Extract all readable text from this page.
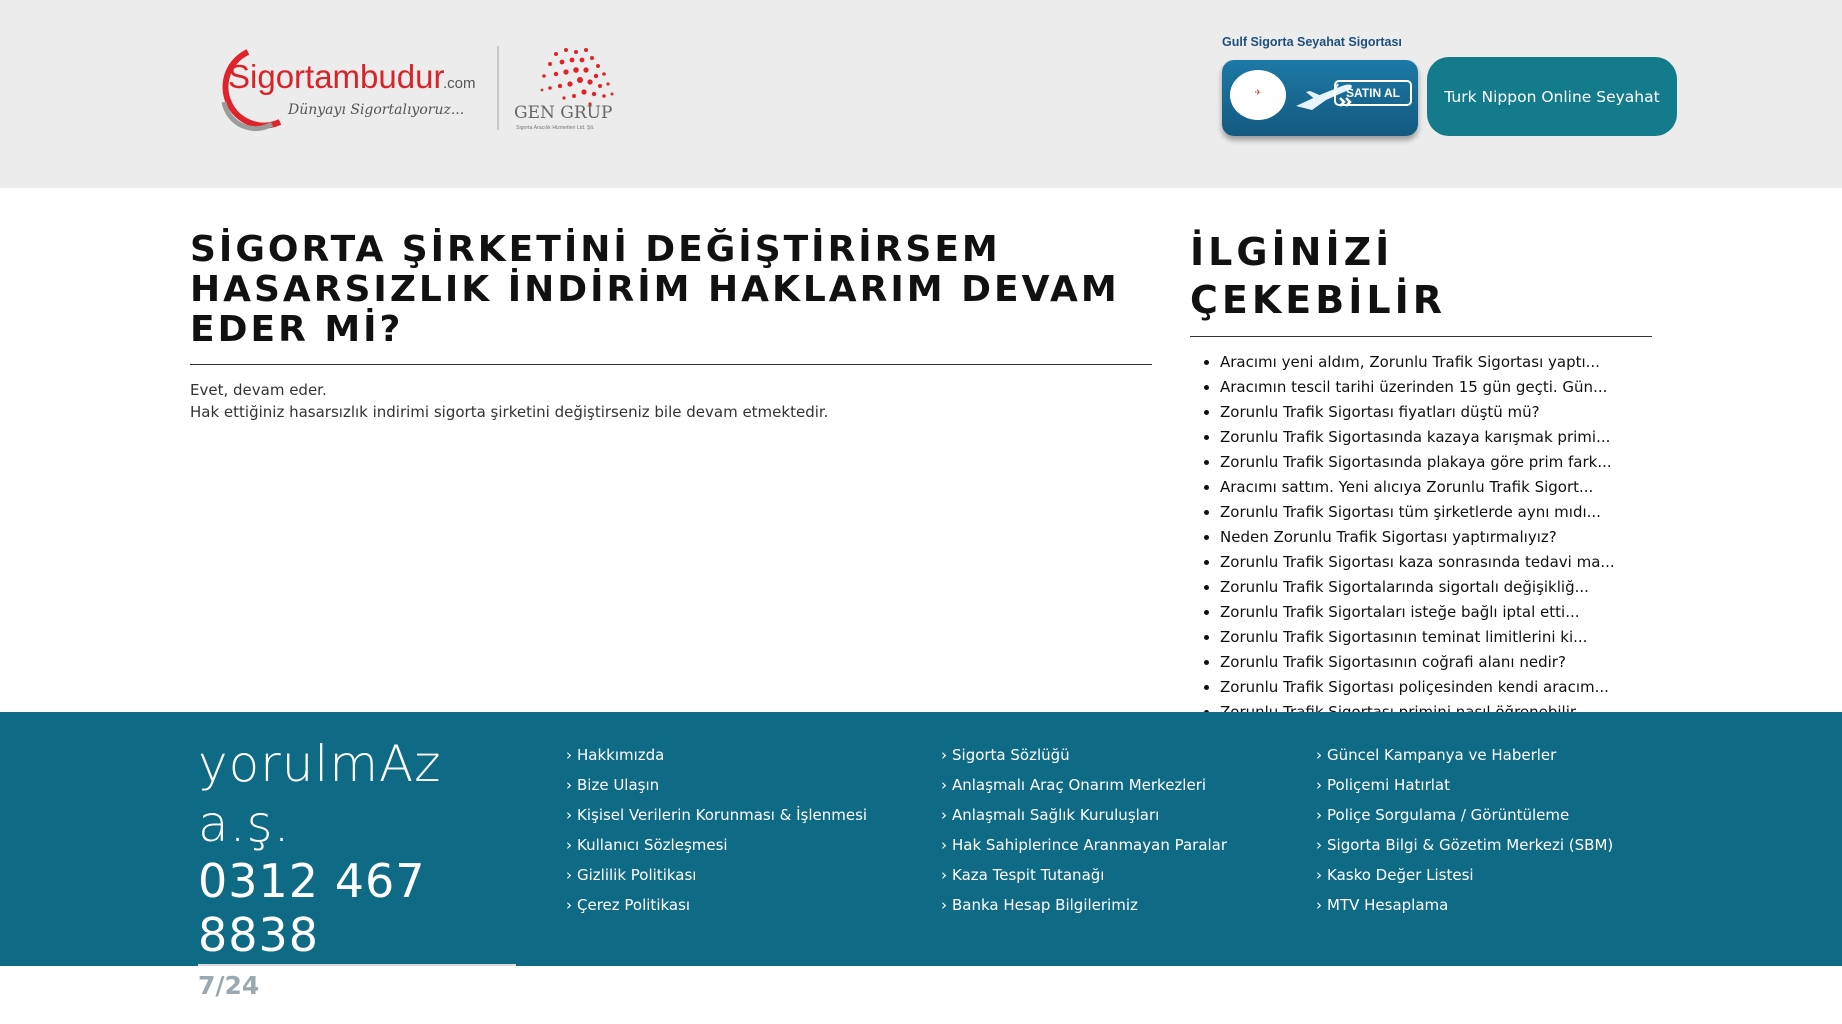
Sigortambudur
.com
Dünyayı Sigortalıyoruz...	GEN GRUP
Sigorta Aracılık Hizmetleri Ltd. Şti.
Gulf Sigorta Seyahat Sigortası
✈	SATIN AL	Turk Nippon Online Seyahat
SİGORTA ŞİRKETİNİ DEĞİŞTİRİRSEM HASARSIZLIK İNDİRİM HAKLARIM DEVAM EDER Mİ?
Evet, devam eder.
Hak ettiğiniz hasarsızlık indirimi sigorta şirketini değiştirseniz bile devam etmektedir.
İLGİNİZİ ÇEKEBİLİR
• Aracımı yeni aldım, Zorunlu Trafik Sigortası yaptı...
• Aracımın tescil tarihi üzerinden 15 gün geçti. Gün...
• Zorunlu Trafik Sigortası fiyatları düştü mü?
• Zorunlu Trafik Sigortasında kazaya karışmak primi...
• Zorunlu Trafik Sigortasında plakaya göre prim fark...
• Aracımı sattım. Yeni alıcıya Zorunlu Trafik Sigort...
• Zorunlu Trafik Sigortası tüm şirketlerde aynı mıdı...
• Neden Zorunlu Trafik Sigortası yaptırmalıyız?
• Zorunlu Trafik Sigortası kaza sonrasında tedavi ma...
• Zorunlu Trafik Sigortalarında sigortalı değişikliğ...
• Zorunlu Trafik Sigortaları isteğe bağlı iptal etti...
• Zorunlu Trafik Sigortasının teminat limitlerini ki...
• Zorunlu Trafik Sigortasının coğrafi alanı nedir?
• Zorunlu Trafik Sigortası poliçesinden kendi aracım...
•
yorulmAz a.ş.
0312 467 8838
7/24 info@gengrup.com
Youtube | Facebook | İnstagram
› Hakkımızda
› Bize Ulaşın
› Kişisel Verilerin Korunması & İşlenmesi
› Kullanıcı Sözleşmesi
› Gizlilik Politikası
› Çerez Politikası
› Sigorta Sözlüğü
› Anlaşmalı Araç Onarım Merkezleri
› Anlaşmalı Sağlık Kuruluşları
› Hak Sahiplerince Aranmayan Paralar
› Kaza Tespit Tutanağı
› Banka Hesap Bilgilerimiz
› Güncel Kampanya ve Haberler
› Poliçemi Hatırlat
› Poliçe Sorgulama / Görüntüleme
› Sigorta Bilgi & Gözetim Merkezi (SBM)
› Kasko Değer Listesi
› MTV Hesaplama
